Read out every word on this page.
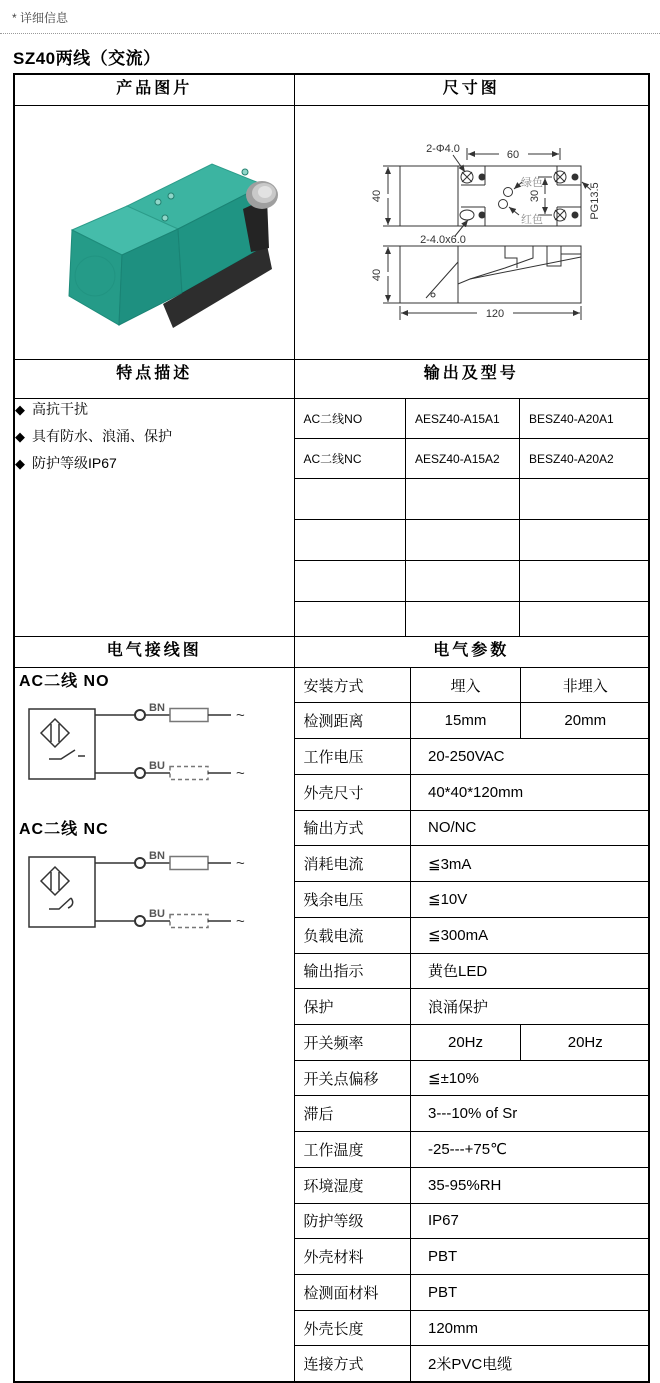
* 详细信息
SZ40两线（交流）
产品图片	尺寸图

2-Φ4.0	60
绿色
红色
40	30	PG13.5
2-4.0x6.0
40
120

特点描述	输出及型号

◆ 高抗干扰
◆ 具有防水、浪涌、保护
◆ 防护等级IP67

AC二线NO	AESZ40-A15A1	BESZ40-A20A1
AC二线NC	AESZ40-A15A2	BESZ40-A20A2

电气接线图	电气参数

AC二线 NO
BN	~
BU	~
AC二线 NC
BN	~
BU	~

安装方式	埋入	非埋入
检测距离	15mm	20mm
工作电压	20-250VAC
外壳尺寸	40*40*120mm
输出方式	NO/NC
消耗电流	≦3mA
残余电压	≦10V
负载电流	≦300mA
输出指示	黄色LED
保护	浪涌保护
开关频率	20Hz	20Hz
开关点偏移	≦±10%
滞后	3---10% of Sr
工作温度	-25---+75℃
环境湿度	35-95%RH
防护等级	IP67
外壳材料	PBT
检测面材料	PBT
外壳长度	120mm
连接方式	2米PVC电缆
